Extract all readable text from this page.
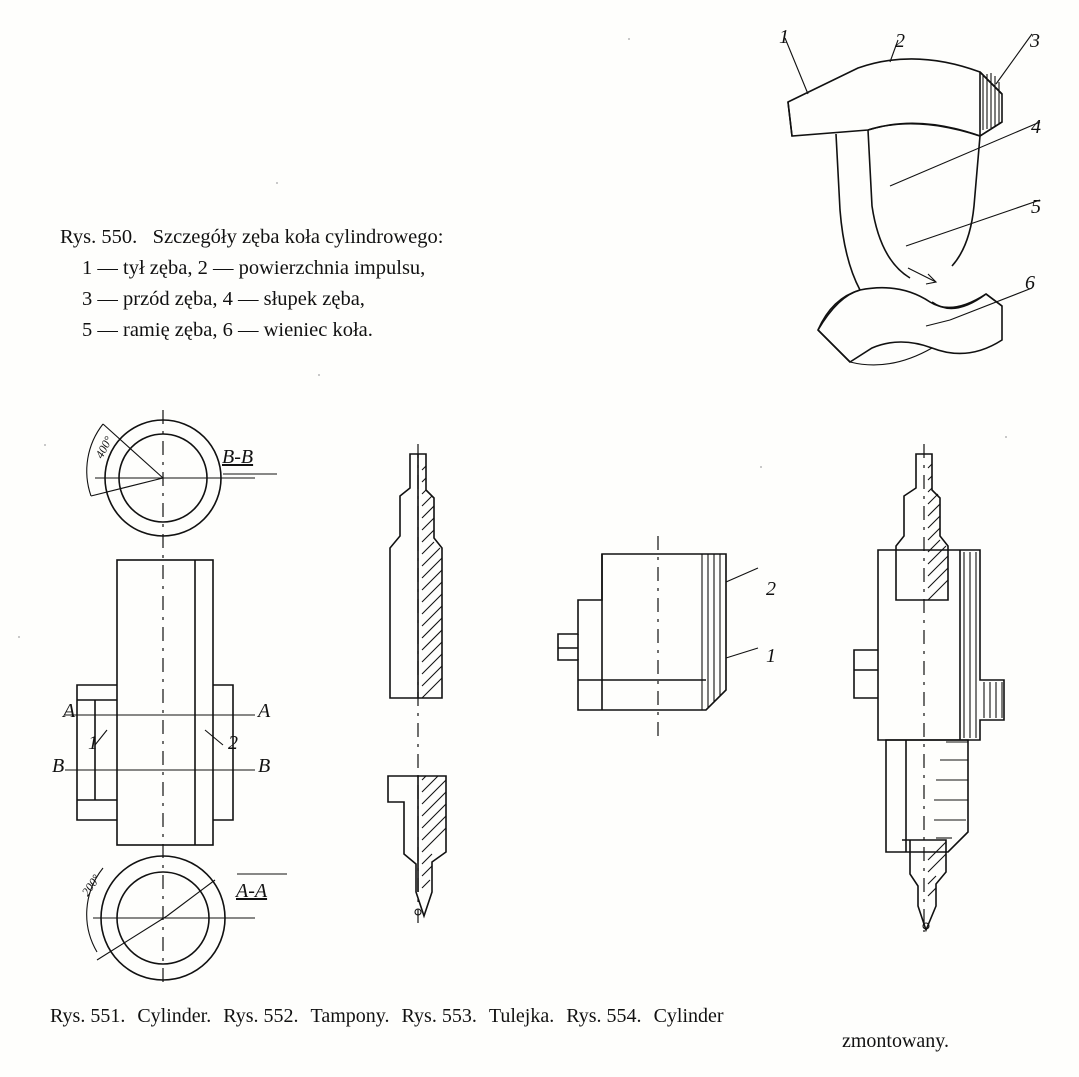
1	2	3
4
5
6
Rys. 550. Szczegóły zęba koła cylindrowego:
1 — tył zęba, 2 — powierzchnia impulsu,
3 — przód zęba, 4 — słupek zęba,
5 — ramię zęba, 6 — wieniec koła.
B-B
A-A
A	A
B	B
1	2
400°
200°
2
1
Rys. 551. Cylinder. Rys. 552. Tampony. Rys. 553. Tulejka. Rys. 554. Cylinder
zmontowany.
